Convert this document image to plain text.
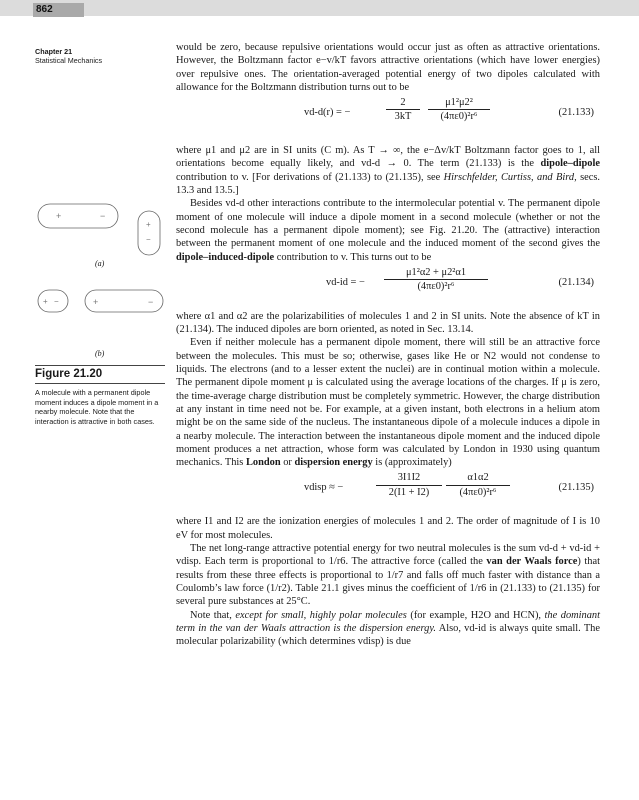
862
Chapter 21
Statistical Mechanics
+	−
+
−
+ −	+	−
(a)
(b)
Figure 21.20
A molecule with a permanent dipole moment induces a dipole moment in a nearby molecule. Note that the interaction is attractive in both cases.

would be zero, because repulsive orientations would occur just as often as attractive orientations. However, the Boltzmann factor e−v/kT favors attractive orientations (which have lower energies) over repulsive ones. The orientation-averaged potential energy of two dipoles calculated with allowance for the Boltzmann distribution turns out to be

vd-d(r) = −	$\frac{2}{3kT} \frac{\text{μ1²μ2²}}{\text{(4πε0)²r⁶}}$	(21.133)

where μ1 and μ2 are in SI units (C m). As T → ∞, the e−Δv/kT Boltzmann factor goes to 1, all orientations become equally likely, and vd-d → 0. The term (21.133) is the dipole–dipole contribution to v. [For derivations of (21.133) to (21.135), see Hirschfelder, Curtiss, and Bird, secs. 13.3 and 13.5.]

Besides vd-d other interactions contribute to the intermolecular potential v. The permanent dipole moment of one molecule will induce a dipole moment in a second molecule (whether or not the second molecule has a permanent dipole moment); see Fig. 21.20. The (attractive) interaction between the permanent moment of one molecule and the induced moment of the second gives the dipole–induced-dipole contribution to v. This turns out to be

vd-id = − $\frac{\text{μ1²α2 + μ2²α1}}{\text{(4πε0)²r⁶}}$	(21.134)

where α1 and α2 are the polarizabilities of molecules 1 and 2 in SI units. Note the absence of kT in (21.134). The induced dipoles are born oriented, as noted in Sec. 13.14.

Even if neither molecule has a permanent dipole moment, there will still be an attractive force between the molecules. This must be so; otherwise, gases like He or N2 would not condense to liquids. The electrons (and to a lesser extent the nuclei) are in continual motion within a molecule. The permanent dipole moment μ is calculated using the average locations of the charges. If μ is zero, the time-average charge distribution must be completely symmetric. However, the charge distribution at any instant in time need not be. For example, at a given instant, both electrons in a helium atom might be on the same side of the nucleus. The instantaneous dipole of a molecule induces a dipole in a nearby molecule. The interaction between the instantaneous dipole moment and the induced dipole moment produces a net attraction, whose form was calculated by London in 1930 using quantum mechanics. This London or dispersion energy is (approximately)

vdisp ≈ −	$\frac{3I1I2}{2(I1 + I2)} \frac{\alpha 1\alpha 2}{\text{(4πε0)²r⁶}}$	(21.135)

where I1 and I2 are the ionization energies of molecules 1 and 2. The order of magnitude of I is 10 eV for most molecules.

The net long-range attractive potential energy for two neutral molecules is the sum vd-d + vd-id + vdisp. Each term is proportional to 1/r6. The attractive force (called the van der Waals force) that results from these three effects is proportional to 1/r7 and falls off much faster with distance than a Coulomb’s law force (1/r2). Table 21.1 gives minus the coefficient of 1/r6 in (21.133) to (21.135) for several pure substances at 25°C.

Note that, except for small, highly polar molecules (for example, H2O and HCN), the dominant term in the van der Waals attraction is the dispersion energy. Also, vd-id is always quite small. The molecular polarizability (which determines vdisp) is due
